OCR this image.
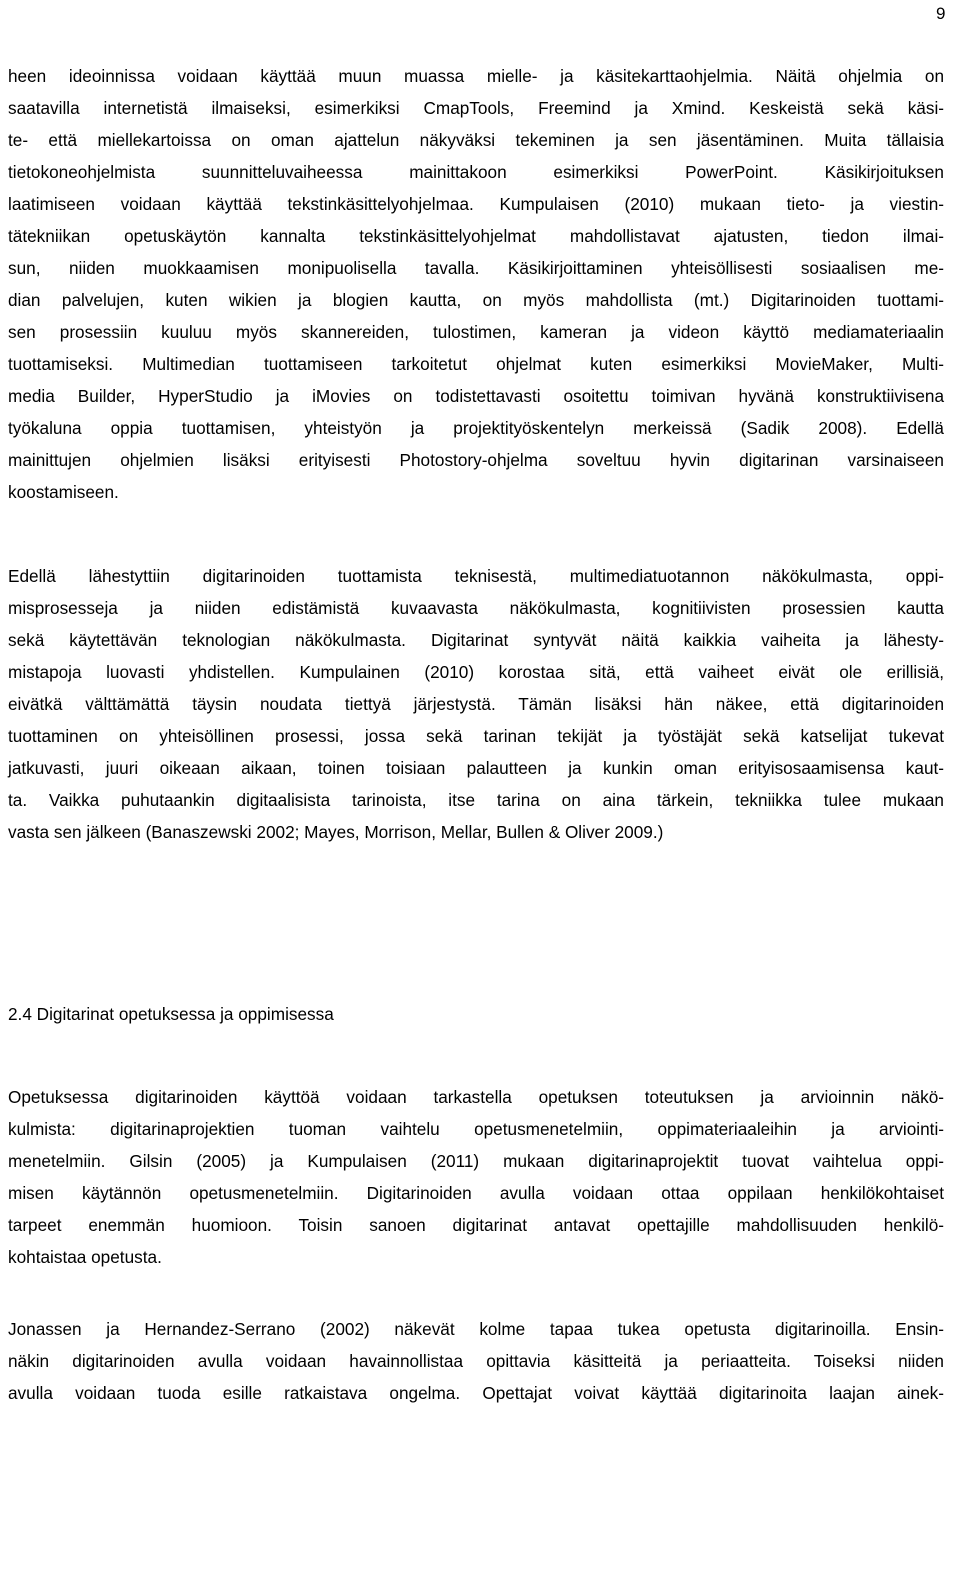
9
heen ideoinnissa voidaan käyttää muun muassa mielle- ja käsitekarttaohjelmia. Näitä ohjelmia on
saatavilla internetistä ilmaiseksi, esimerkiksi CmapTools, Freemind ja Xmind. Keskeistä sekä käsi-
te- että miellekartoissa on oman ajattelun näkyväksi tekeminen ja sen jäsentäminen. Muita tällaisia
tietokoneohjelmista suunnitteluvaiheessa mainittakoon esimerkiksi PowerPoint. Käsikirjoituksen
laatimiseen voidaan käyttää tekstinkäsittelyohjelmaa. Kumpulaisen (2010) mukaan tieto- ja viestin-
tätekniikan opetuskäytön kannalta tekstinkäsittelyohjelmat mahdollistavat ajatusten, tiedon ilmai-
sun, niiden muokkaamisen monipuolisella tavalla. Käsikirjoittaminen yhteisöllisesti sosiaalisen me-
dian palvelujen, kuten wikien ja blogien kautta, on myös mahdollista (mt.) Digitarinoiden tuottami-
sen prosessiin kuuluu myös skannereiden, tulostimen, kameran ja videon käyttö mediamateriaalin
tuottamiseksi. Multimedian tuottamiseen tarkoitetut ohjelmat kuten esimerkiksi MovieMaker, Multi-
media Builder, HyperStudio ja iMovies on todistettavasti osoitettu toimivan hyvänä konstruktiivisena
työkaluna oppia tuottamisen, yhteistyön ja projektityöskentelyn merkeissä (Sadik 2008). Edellä
mainittujen ohjelmien lisäksi erityisesti Photostory-ohjelma soveltuu hyvin digitarinan varsinaiseen
koostamiseen.
Edellä lähestyttiin digitarinoiden tuottamista teknisestä, multimediatuotannon näkökulmasta, oppi-
misprosesseja ja niiden edistämistä kuvaavasta näkökulmasta, kognitiivisten prosessien kautta
sekä käytettävän teknologian näkökulmasta. Digitarinat syntyvät näitä kaikkia vaiheita ja lähesty-
mistapoja luovasti yhdistellen. Kumpulainen (2010) korostaa sitä, että vaiheet eivät ole erillisiä,
eivätkä välttämättä täysin noudata tiettyä järjestystä. Tämän lisäksi hän näkee, että digitarinoiden
tuottaminen on yhteisöllinen prosessi, jossa sekä tarinan tekijät ja työstäjät sekä katselijat tukevat
jatkuvasti, juuri oikeaan aikaan, toinen toisiaan palautteen ja kunkin oman erityisosaamisensa kaut-
ta. Vaikka puhutaankin digitaalisista tarinoista, itse tarina on aina tärkein, tekniikka tulee mukaan
vasta sen jälkeen (Banaszewski 2002; Mayes, Morrison, Mellar, Bullen & Oliver 2009.)
2.4 Digitarinat opetuksessa ja oppimisessa
Opetuksessa digitarinoiden käyttöä voidaan tarkastella opetuksen toteutuksen ja arvioinnin näkö-
kulmista: digitarinaprojektien tuoman vaihtelu opetusmenetelmiin, oppimateriaaleihin ja arviointi-
menetelmiin. Gilsin (2005) ja Kumpulaisen (2011) mukaan digitarinaprojektit tuovat vaihtelua oppi-
misen käytännön opetusmenetelmiin. Digitarinoiden avulla voidaan ottaa oppilaan henkilökohtaiset
tarpeet enemmän huomioon. Toisin sanoen digitarinat antavat opettajille mahdollisuuden henkilö-
kohtaistaa opetusta.
Jonassen ja Hernandez-Serrano (2002) näkevät kolme tapaa tukea opetusta digitarinoilla. Ensin-
näkin digitarinoiden avulla voidaan havainnollistaa opittavia käsitteitä ja periaatteita. Toiseksi niiden
avulla voidaan tuoda esille ratkaistava ongelma. Opettajat voivat käyttää digitarinoita laajan ainek-
